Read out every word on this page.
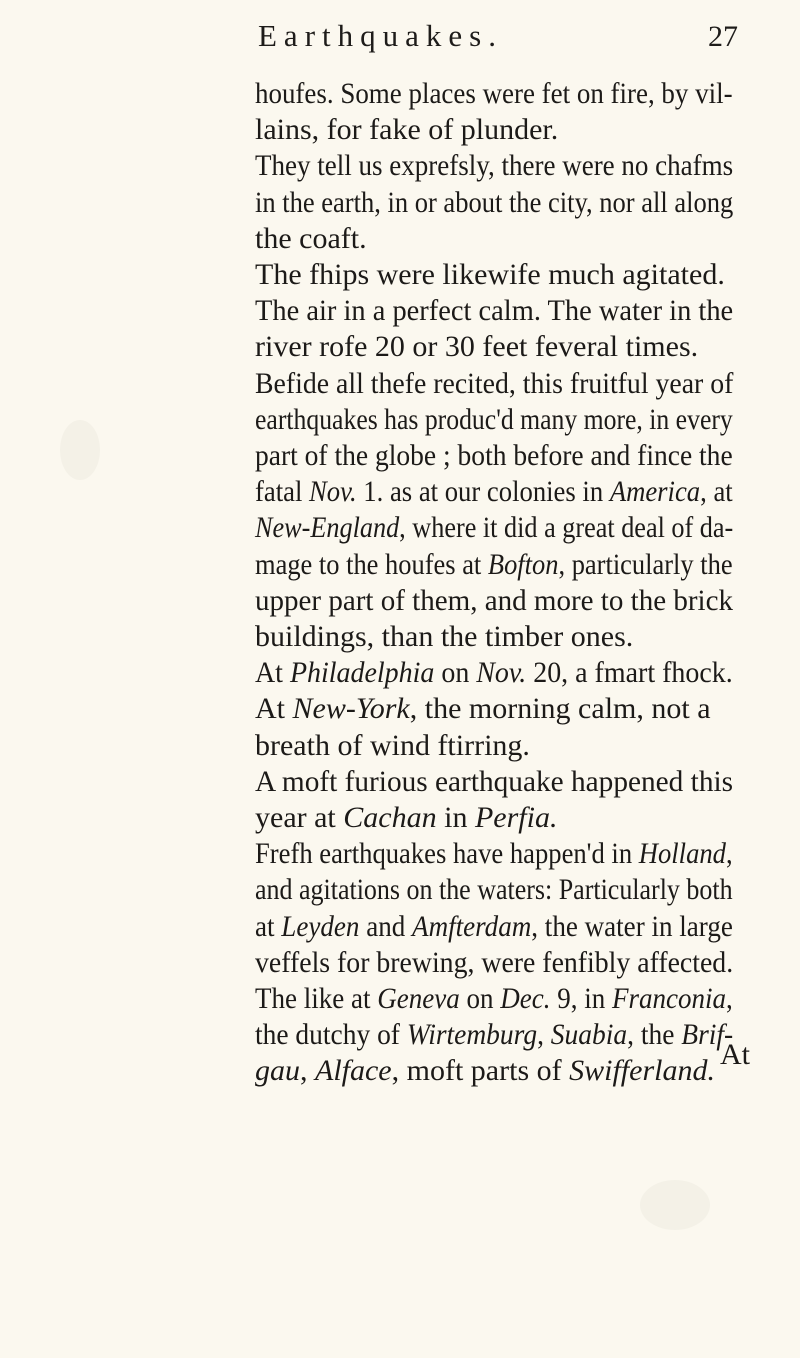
Earthquakes.	27
houfes. Some places were fet on fire, by vil-
lains, for fake of plunder.
They tell us exprefsly, there were no chafms
in the earth, in or about the city, nor all along
the coaft.
The fhips were likewife much agitated.
The air in a perfect calm. The water in the
river rofe 20 or 30 feet feveral times.
Befide all thefe recited, this fruitful year of
earthquakes has produc'd many more, in every
part of the globe ; both before and fince the
fatal Nov. 1. as at our colonies in America, at
New-England, where it did a great deal of da-
mage to the houfes at Bofton, particularly the
upper part of them, and more to the brick
buildings, than the timber ones.
At Philadelphia on Nov. 20, a fmart fhock.
At New-York, the morning calm, not a
breath of wind ftirring.
A moft furious earthquake happened this
year at Cachan in Perfia.
Frefh earthquakes have happen'd in Holland,
and agitations on the waters: Particularly both
at Leyden and Amfterdam, the water in large
veffels for brewing, were fenfibly affected.
The like at Geneva on Dec. 9, in Franconia,
the dutchy of Wirtemburg, Suabia, the Brif-
gau, Alface, moft parts of Swifferland. At
